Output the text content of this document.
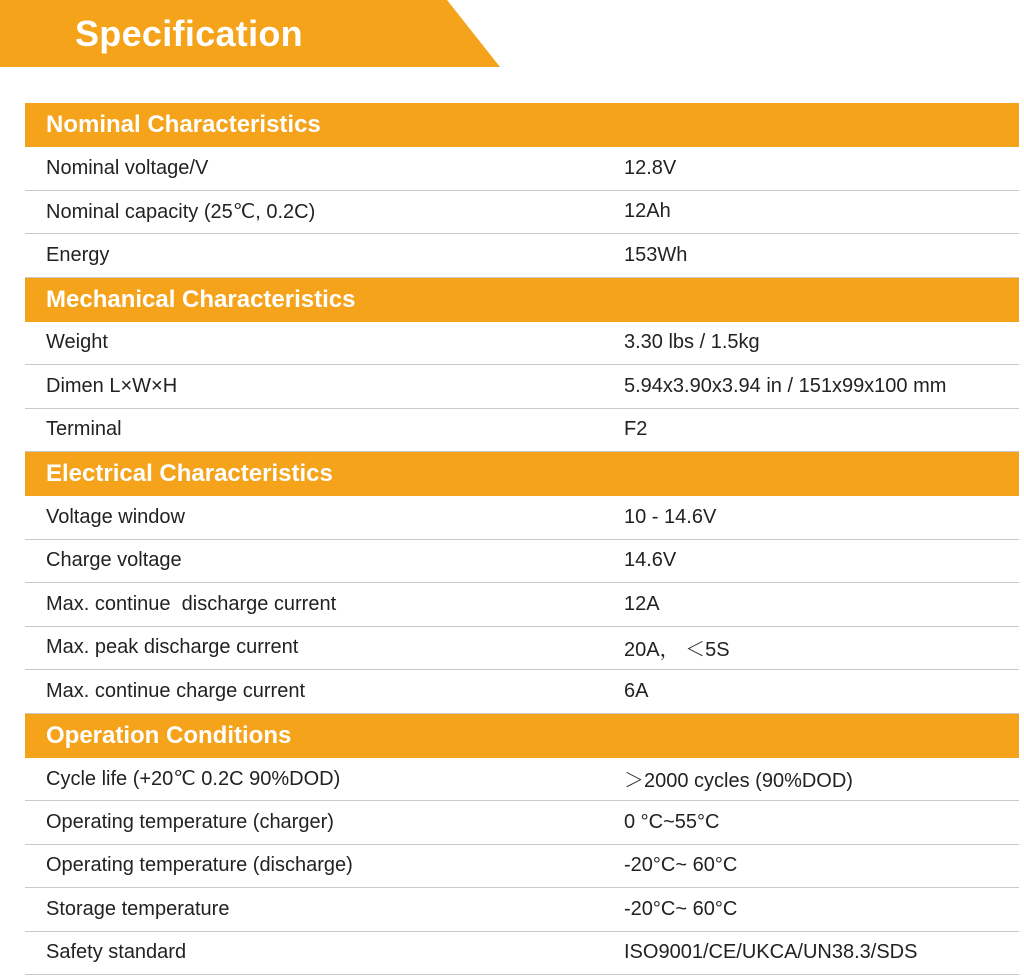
Specification
Nominal Characteristics
Nominal voltage/V	12.8V
Nominal capacity (25℃, 0.2C)	12Ah
Energy	153Wh
Mechanical Characteristics
Weight	3.30 lbs / 1.5kg
Dimen L×W×H	5.94x3.90x3.94 in / 151x99x100 mm
Terminal	F2
Electrical Characteristics
Voltage window	10 - 14.6V
Charge voltage	14.6V
Max. continue  discharge current	12A
Max. peak discharge current	20A， ＜5S
Max. continue charge current	6A
Operation Conditions
Cycle life (+20℃ 0.2C 90%DOD)	＞2000 cycles (90%DOD)
Operating temperature (charger)	0 °C~55°C
Operating temperature (discharge)	-20°C~ 60°C
Storage temperature	-20°C~ 60°C
Safety standard	ISO9001/CE/UKCA/UN38.3/SDS
